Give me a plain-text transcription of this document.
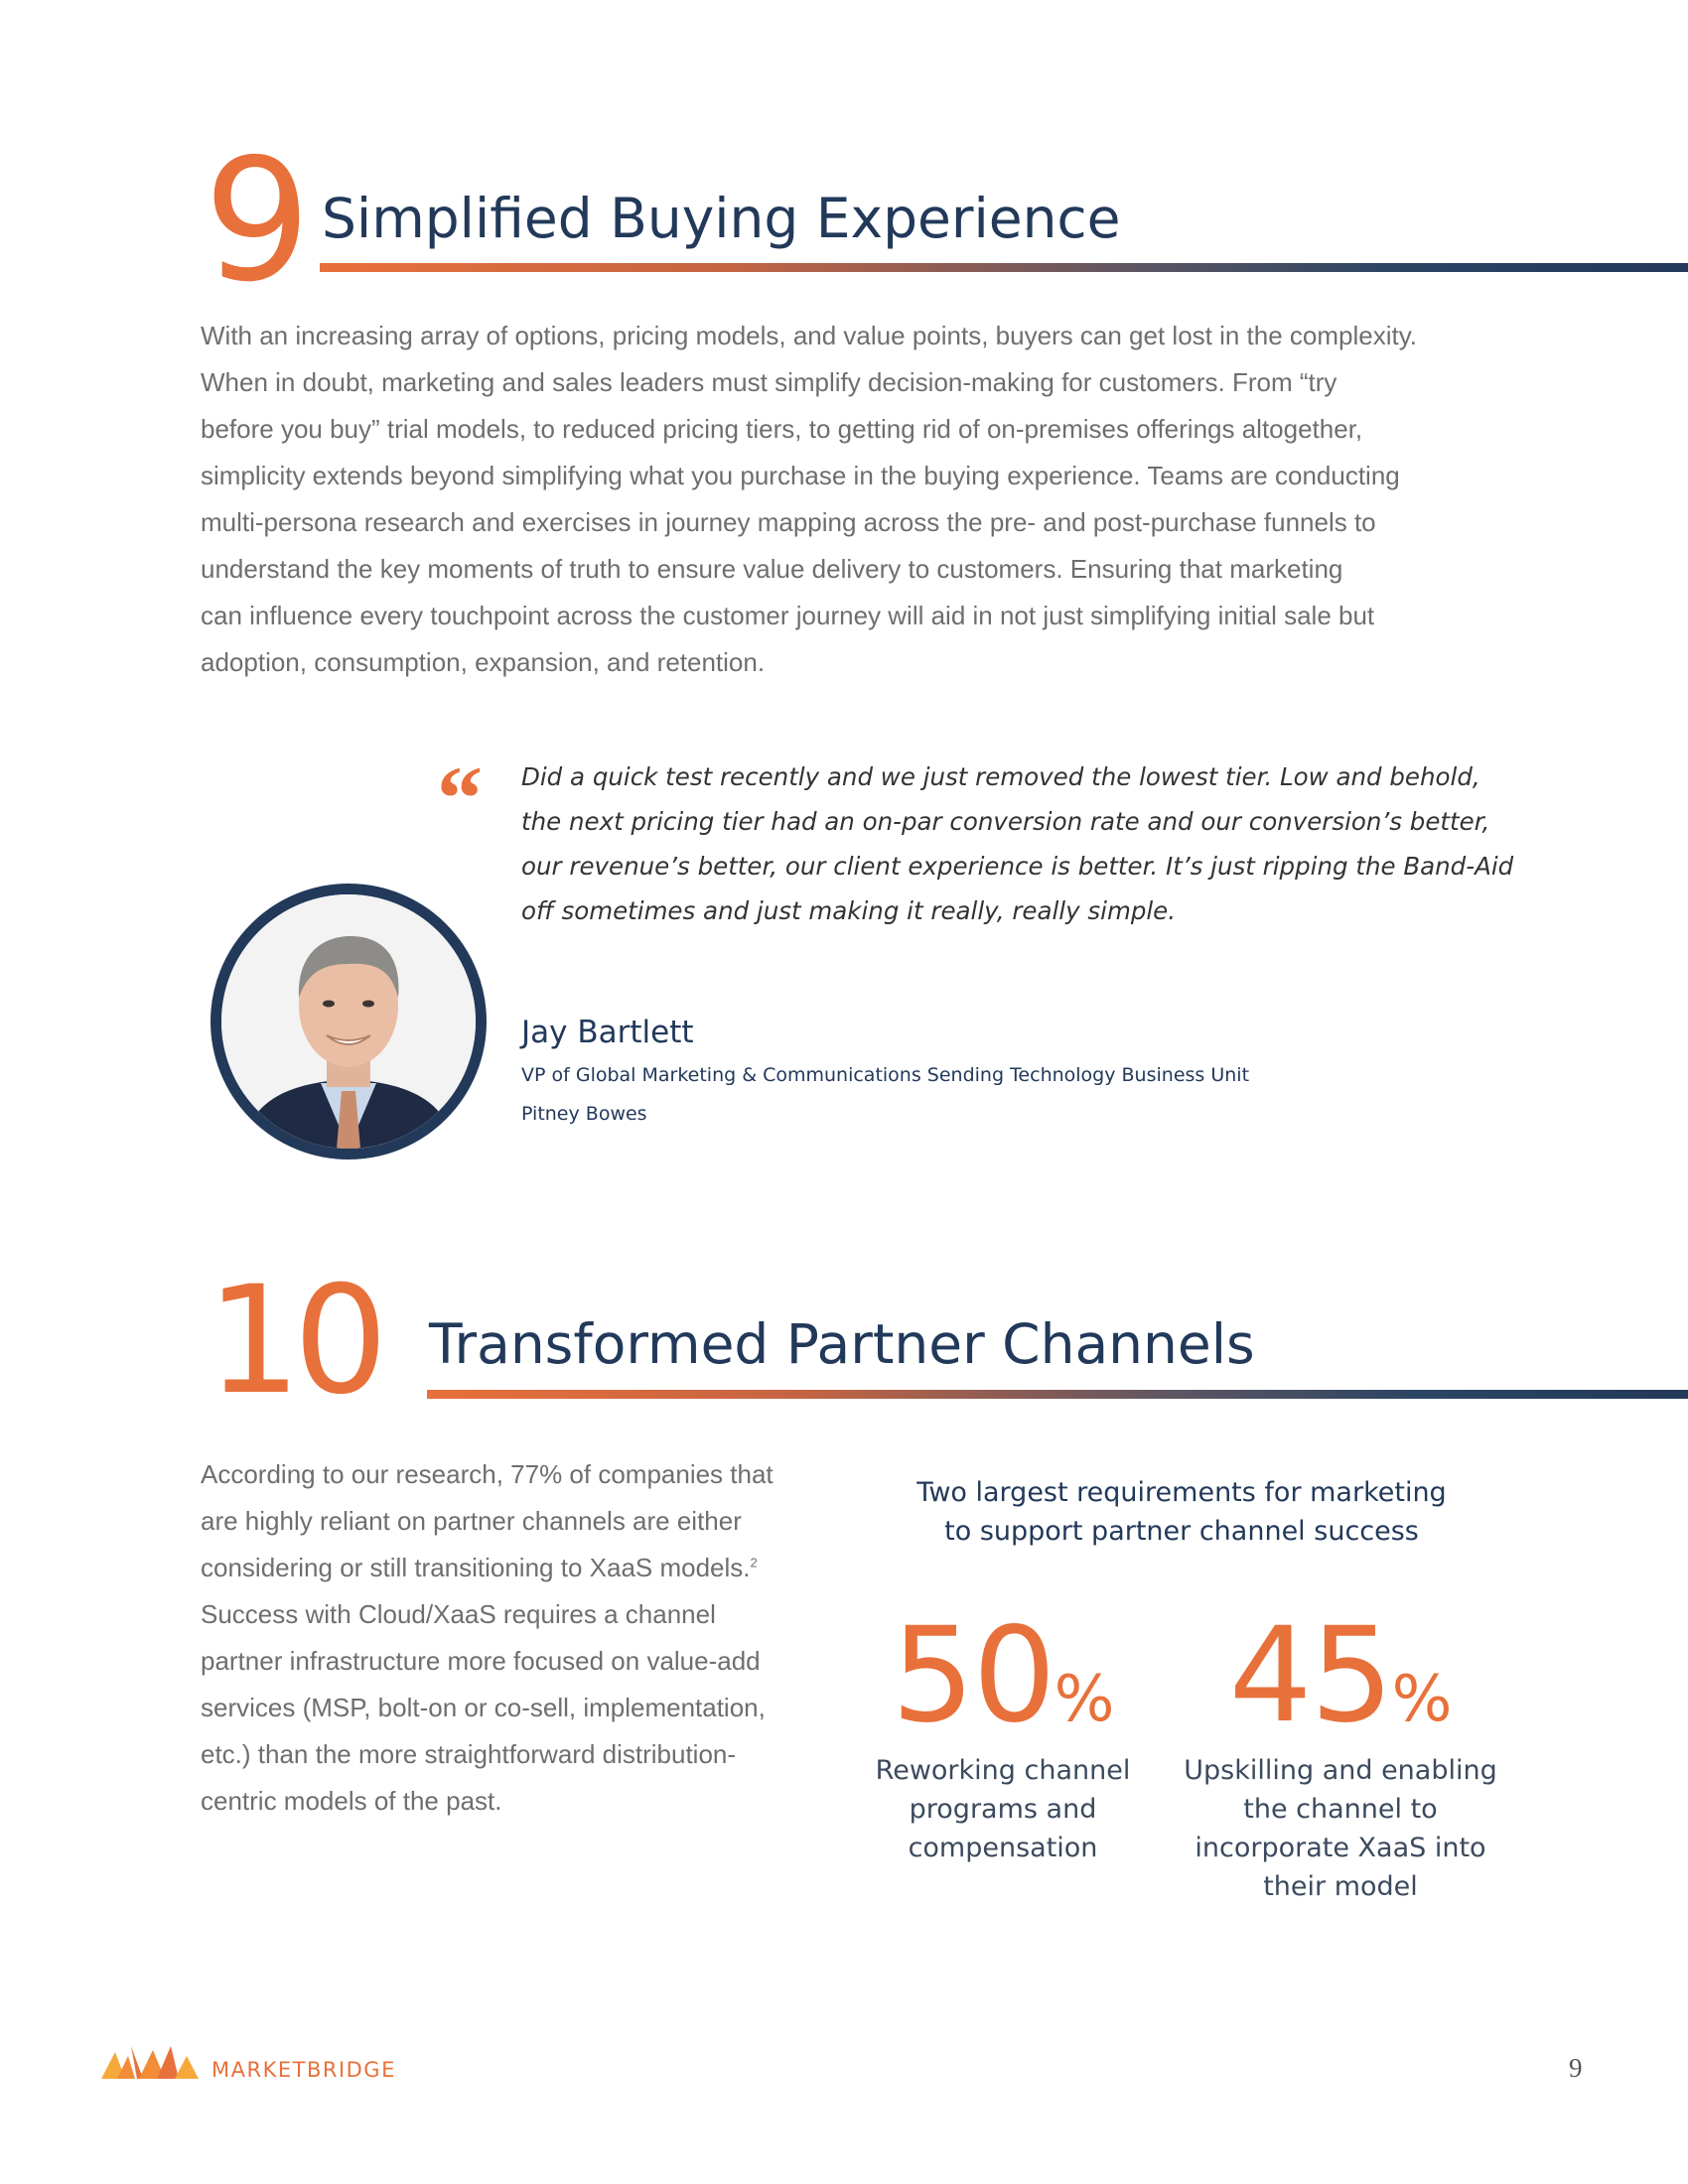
9 Simplified Buying Experience

With an increasing array of options, pricing models, and value points, buyers can get lost in the complexity.

When in doubt, marketing and sales leaders must simplify decision-making for customers. From “try

before you buy” trial models, to reduced pricing tiers, to getting rid of on-premises offerings altogether,

simplicity extends beyond simplifying what you purchase in the buying experience. Teams are conducting

multi-persona research and exercises in journey mapping across the pre- and post-purchase funnels to

understand the key moments of truth to ensure value delivery to customers. Ensuring that marketing

can influence every touchpoint across the customer journey will aid in not just simplifying initial sale but

adoption, consumption, expansion, and retention.

“ Did a quick test recently and we just removed the lowest tier. Low and behold,

the next pricing tier had an on-par conversion rate and our conversion’s better,

our revenue’s better, our client experience is better. It’s just ripping the Band-Aid

off sometimes and just making it really, really simple.

Jay Bartlett
VP of Global Marketing & Communications Sending Technology Business Unit
Pitney Bowes
10 Transformed Partner Channels

According to our research, 77% of companies that

are highly reliant on partner channels are either

considering or still transitioning to XaaS models.$^2$

Success with Cloud/XaaS requires a channel

partner infrastructure more focused on value-add

services (MSP, bolt-on or co-sell, implementation,

etc.) than the more straightforward distribution-

centric models of the past.

Two largest requirements for marketing

to support partner channel success

50%

Reworking channel

programs and

compensation

45%

Upskilling and enabling

the channel to

incorporate XaaS into

their model

MARKETBRIDGE	9
